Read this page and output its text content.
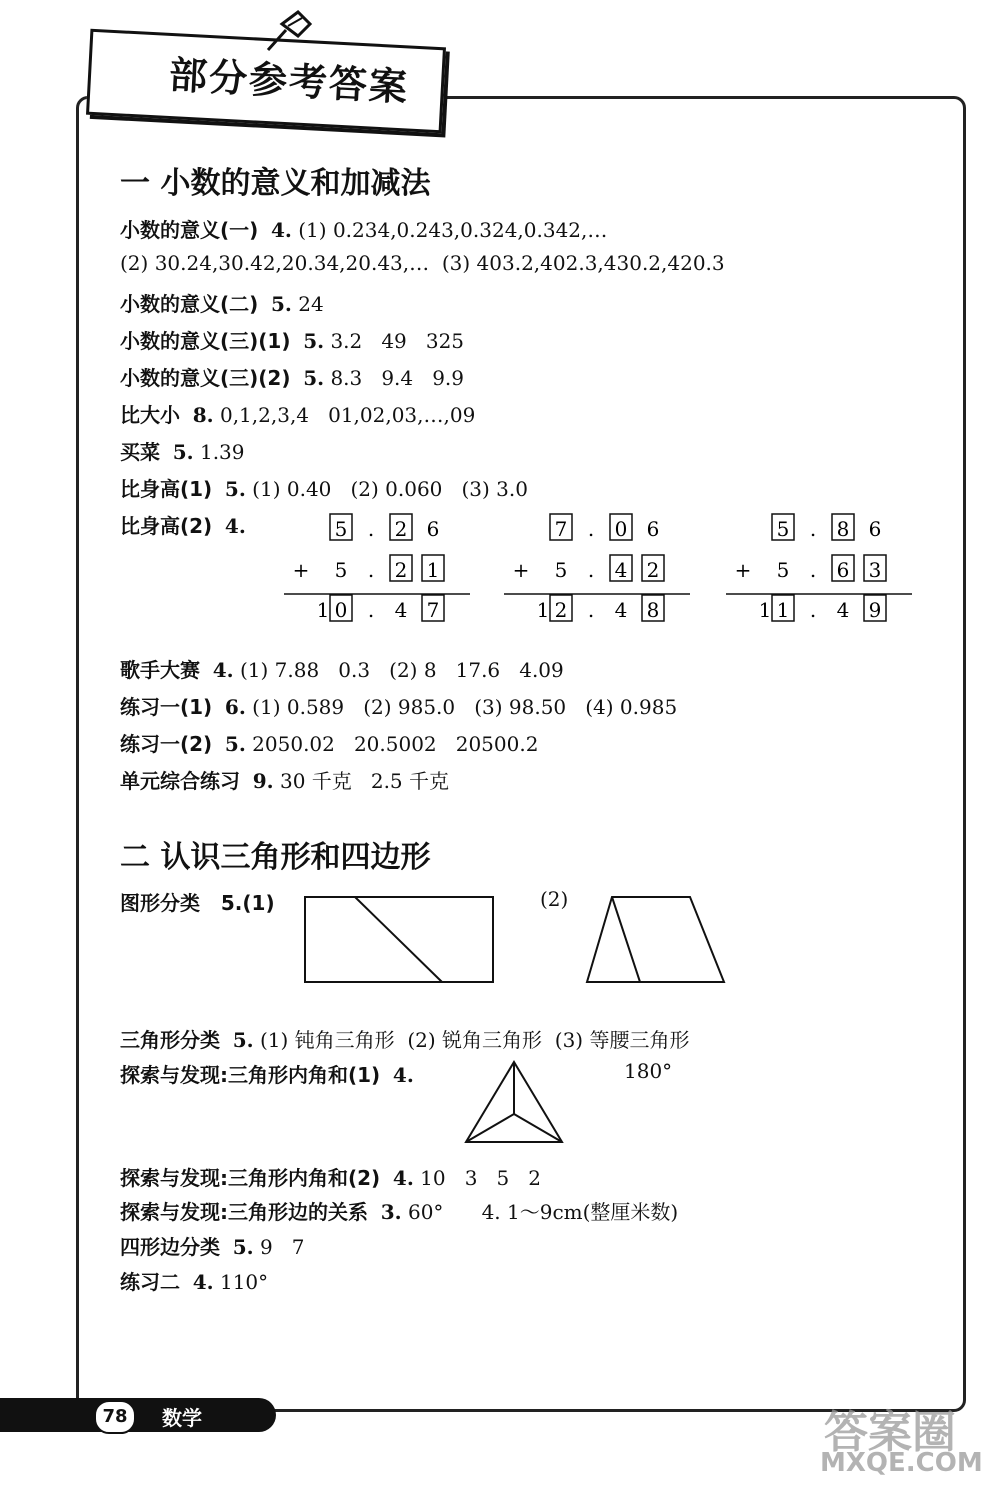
部分参考答案
一 小数的意义和加减法
小数的意义(一) 4. (1) 0.234,0.243,0.324,0.342,…
(2) 30.24,30.42,20.34,20.43,…  (3) 403.2,402.3,430.2,420.3
小数的意义(二) 5. 24
小数的意义(三)(1) 5. 3.2   49   325
小数的意义(三)(2) 5. 8.3   9.4   9.9
比大小 8. 0,1,2,3,4   01,02,03,…,09
买菜 5. 1.39
比身高(1) 5. (1) 0.40   (2) 0.060   (3) 3.0
比身高(2) 4.	5 . 2 6
+ 5 . 2 1
1 0 . 4 7
7 . 0 6
+ 5 . 4 2
1 2 . 4 8
5 . 8 6
+ 5 . 6 3
1 1 . 4 9
歌手大赛 4. (1) 7.88   0.3   (2) 8   17.6   4.09
练习一(1) 6. (1) 0.589   (2) 985.0   (3) 98.50   (4) 0.985
练习一(2) 5. 2050.02   20.5002   20500.2
单元综合练习 9. 30 千克   2.5 千克
二 认识三角形和四边形
图形分类   5.(1)	(2)
三角形分类 5. (1) 钝角三角形  (2) 锐角三角形  (3) 等腰三角形
探索与发现:三角形内角和(1) 4.	180°
探索与发现:三角形内角和(2) 4. 10   3   5   2
探索与发现:三角形边的关系 3. 60°      4. 1～9cm(整厘米数)
四形边分类 5. 9   7
练习二 4. 110°
78	数学	答案圈
MXQE.COM
